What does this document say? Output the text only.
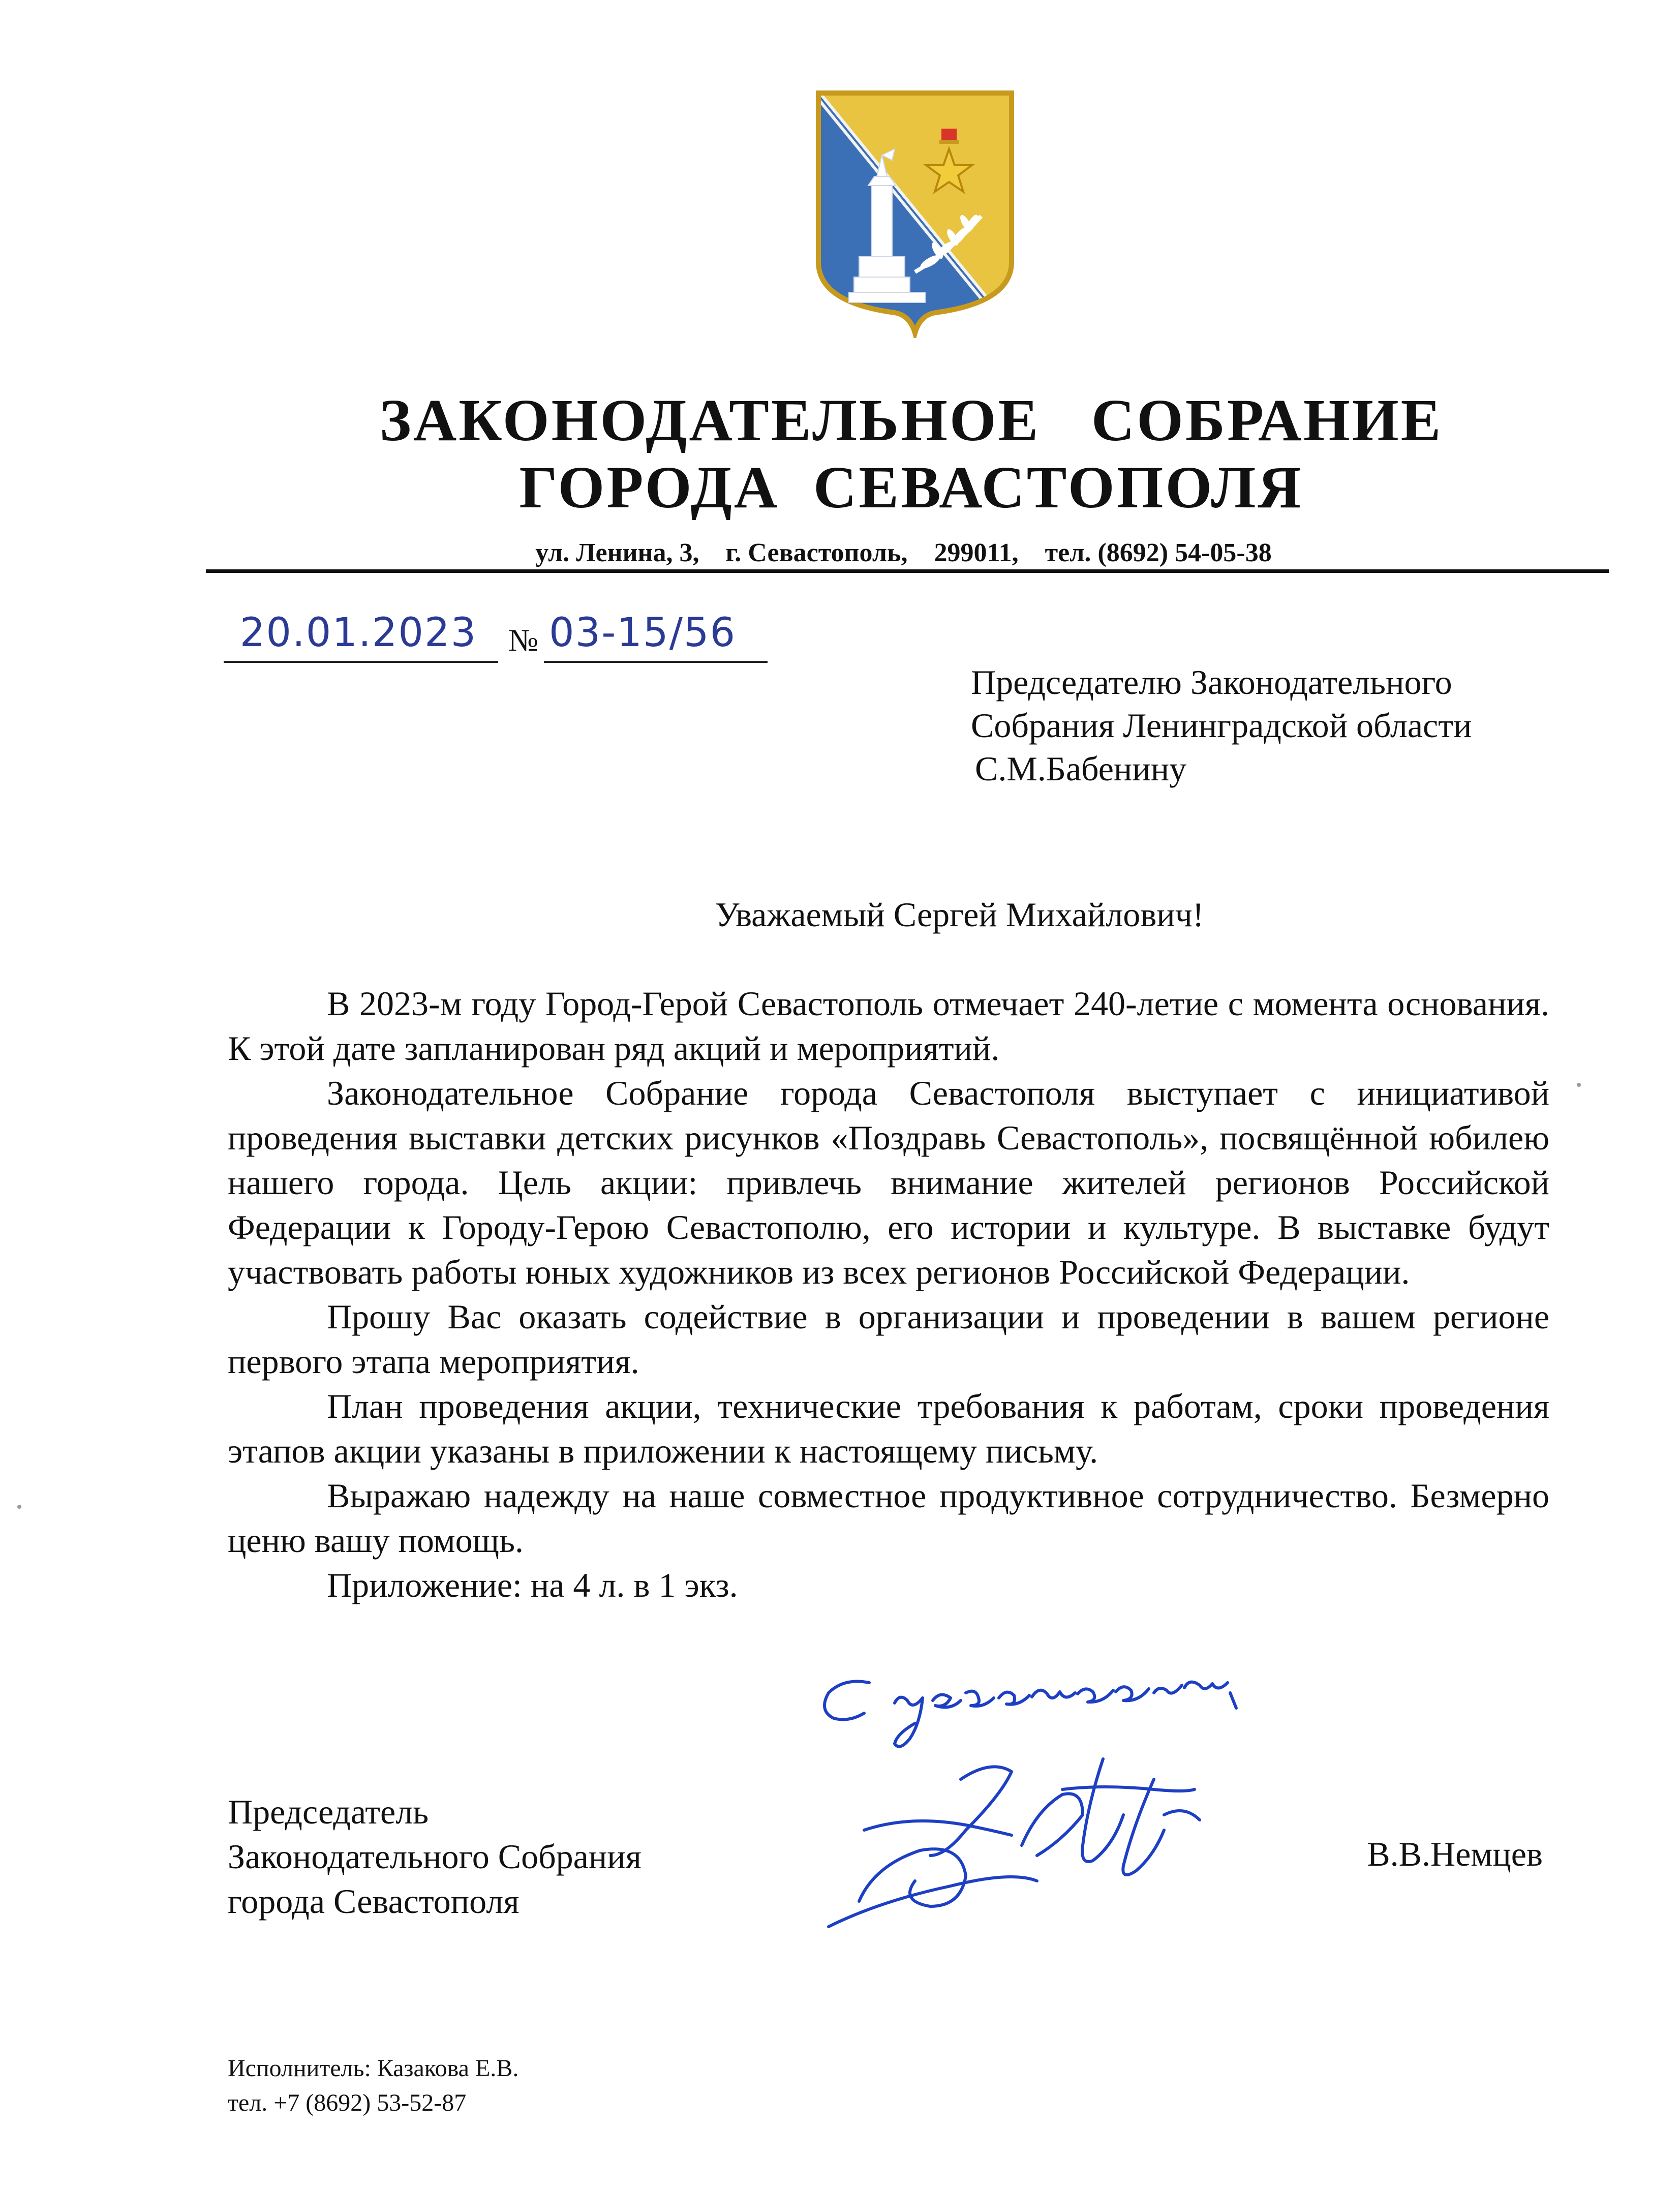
ЗАКОНОДАТЕЛЬНОЕ   СОБРАНИЕ
ГОРОДА  СЕВАСТОПОЛЯ
ул. Ленина, 3,    г. Севастополь,    299011,    тел. (8692) 54-05-38
20.01.2023 № 03-15/56
Председателю Законодательного
Собрания Ленинградской области
С.М.Бабенину
Уважаемый Сергей Михайлович!

В 2023-м году Город-Герой Севастополь отмечает 240-летие с момента основания. К этой дате запланирован ряд акций и мероприятий.

Законодательное Собрание города Севастополя выступает с инициативой проведения выставки детских рисунков «Поздравь Севастополь», посвящённой юбилею нашего города. Цель акции: привлечь внимание жителей регионов Российской Федерации к Городу-Герою Севастополю, его истории и культуре. В выставке будут участвовать работы юных художников из всех регионов Российской Федерации.

Прошу Вас оказать содействие в организации и проведении в вашем регионе первого этапа мероприятия.

План проведения акции, технические требования к работам, сроки проведения этапов акции указаны в приложении к настоящему письму.

Выражаю надежду на наше совместное продуктивное сотрудничество. Безмерно ценю вашу помощь.

Приложение: на 4 л. в 1 экз.

Председатель
Законодательного Собрания
города Севастополя
В.В.Немцев
Исполнитель: Казакова Е.В.
тел. +7 (8692) 53-52-87
